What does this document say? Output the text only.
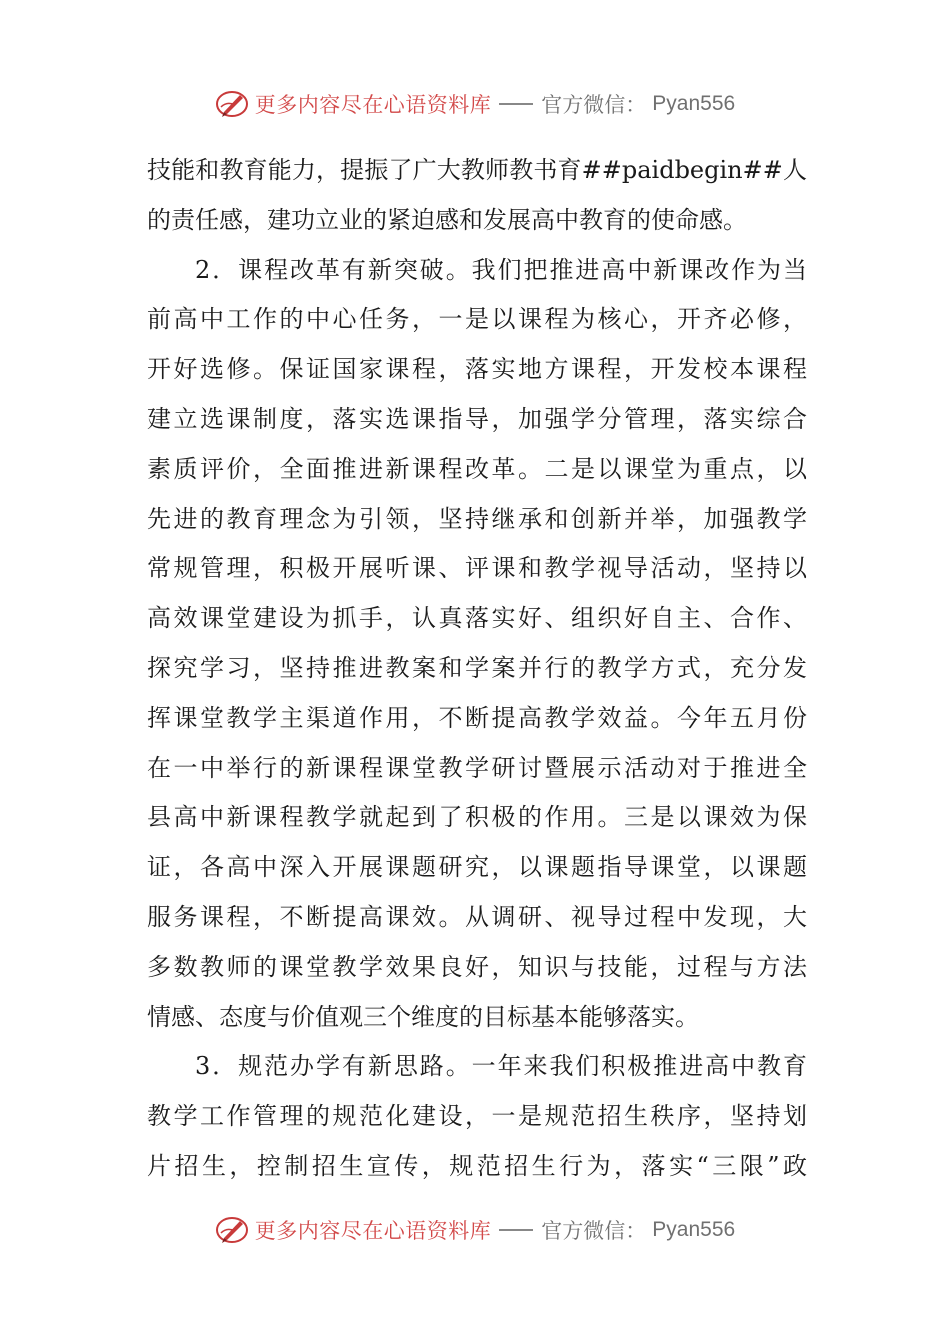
更多内容尽在心语资料库 官方微信： Pyan556
技能和教育能力，提振了广大教师教书育##paidbegin##人
的责任感，建功立业的紧迫感和发展高中教育的使命感。
2．课程改革有新突破。我们把推进高中新课改作为当
前高中工作的中心任务，一是以课程为核心，开齐必修，
开好选修。保证国家课程，落实地方课程，开发校本课程
建立选课制度，落实选课指导，加强学分管理，落实综合
素质评价，全面推进新课程改革。二是以课堂为重点，以
先进的教育理念为引领，坚持继承和创新并举，加强教学
常规管理，积极开展听课、评课和教学视导活动，坚持以
高效课堂建设为抓手，认真落实好、组织好自主、合作、
探究学习，坚持推进教案和学案并行的教学方式，充分发
挥课堂教学主渠道作用，不断提高教学效益。今年五月份
在一中举行的新课程课堂教学研讨暨展示活动对于推进全
县高中新课程教学就起到了积极的作用。三是以课效为保
证，各高中深入开展课题研究，以课题指导课堂，以课题
服务课程，不断提高课效。从调研、视导过程中发现，大
多数教师的课堂教学效果良好，知识与技能，过程与方法
情感、态度与价值观三个维度的目标基本能够落实。
3．规范办学有新思路。一年来我们积极推进高中教育
教学工作管理的规范化建设，一是规范招生秩序，坚持划
片招生，控制招生宣传，规范招生行为，落实“三限”政
更多内容尽在心语资料库 官方微信： Pyan556
